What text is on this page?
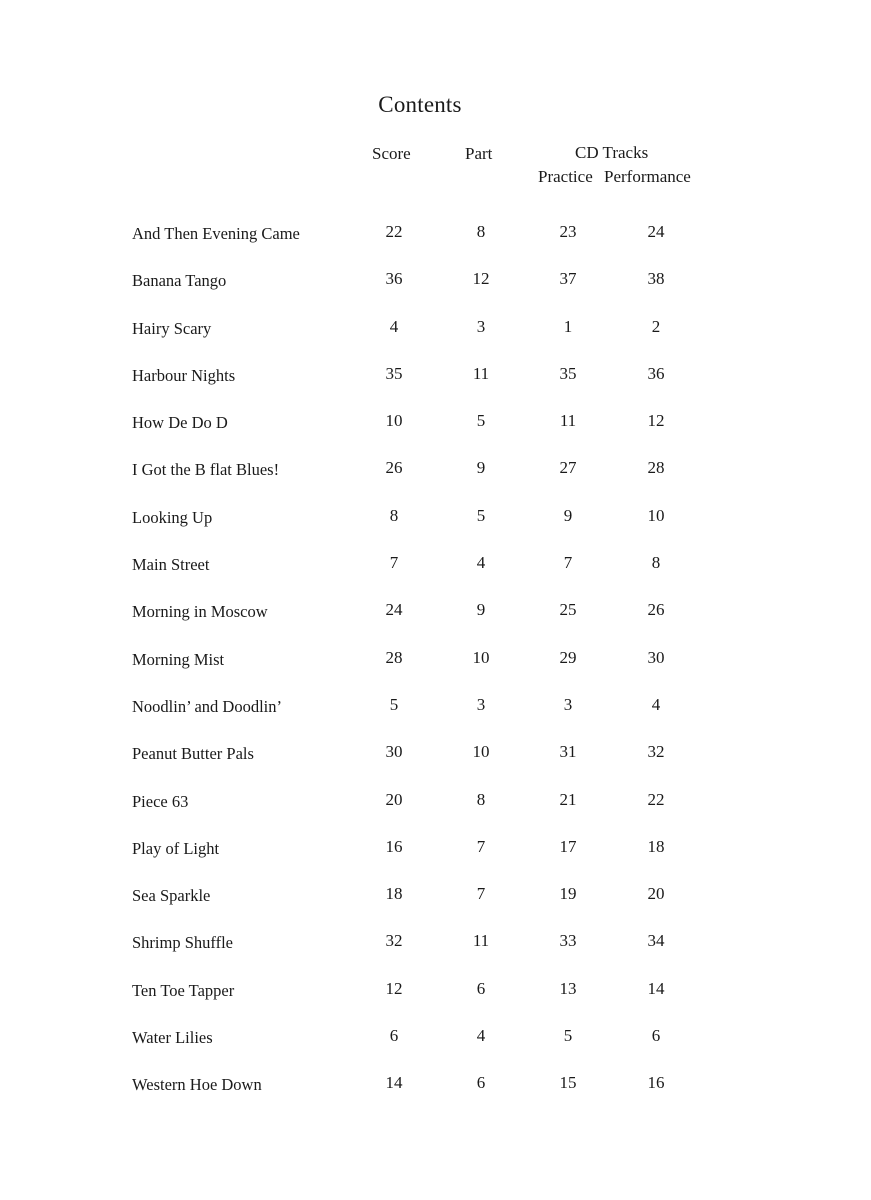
Contents
Score	Part	CD Tracks
Practice Performance
And Then Evening Came	22	8	23	24
Banana Tango	36	12	37	38
Hairy Scary	4	3	1	2
Harbour Nights	35	11	35	36
How De Do D	10	5	11	12
I Got the B flat Blues!	26	9	27	28
Looking Up	8	5	9	10
Main Street	7	4	7	8
Morning in Moscow	24	9	25	26
Morning Mist	28	10	29	30
Noodlin’ and Doodlin’	5	3	3	4
Peanut Butter Pals	30	10	31	32
Piece 63	20	8	21	22
Play of Light	16	7	17	18
Sea Sparkle	18	7	19	20
Shrimp Shuffle	32	11	33	34
Ten Toe Tapper	12	6	13	14
Water Lilies	6	4	5	6
Western Hoe Down	14	6	15	16
